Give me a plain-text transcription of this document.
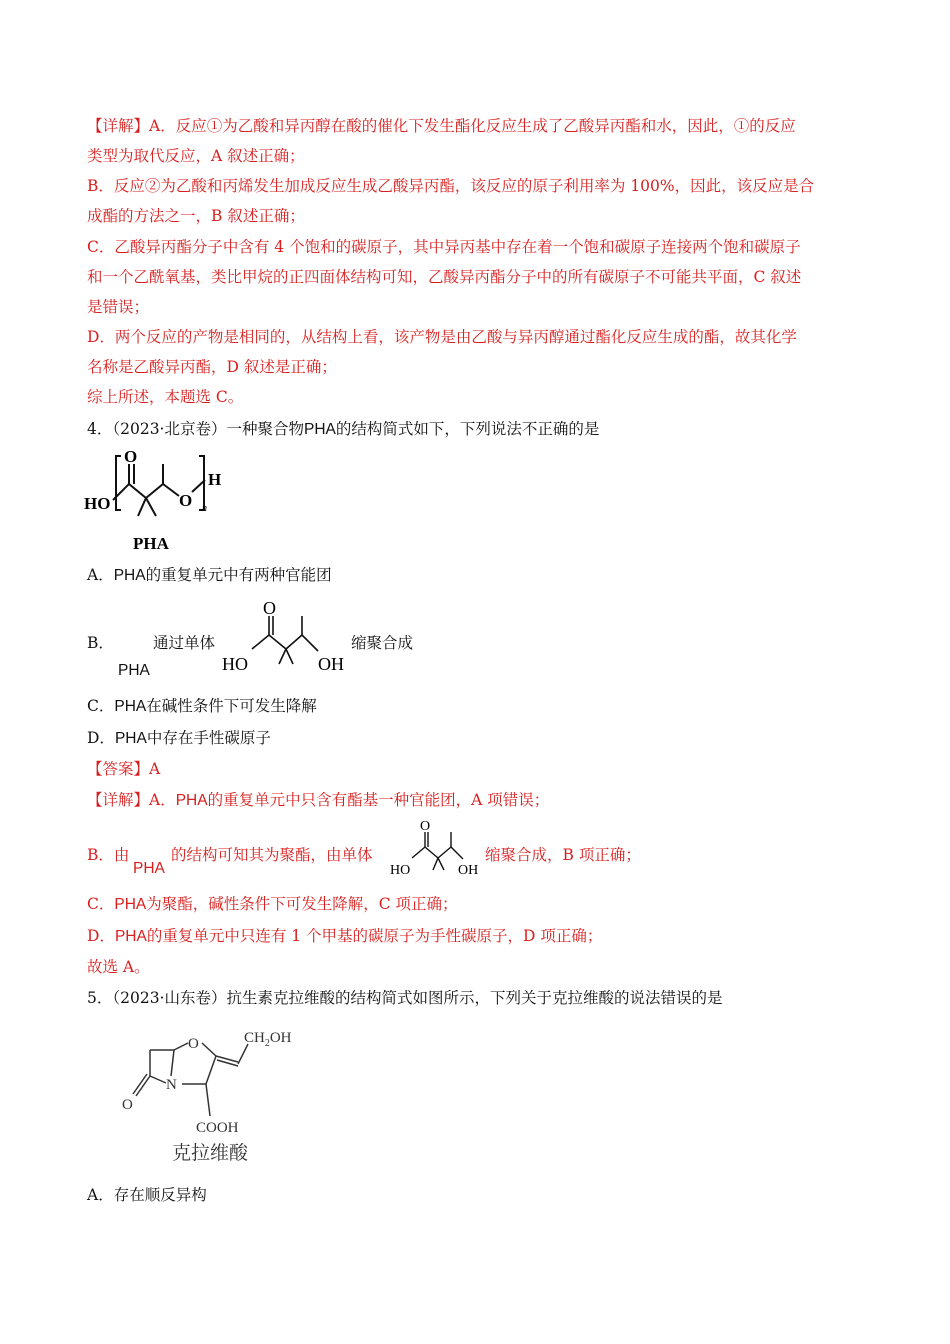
【详解】A．反应①为乙酸和异丙醇在酸的催化下发生酯化反应生成了乙酸异丙酯和水，因此，①的反应
类型为取代反应，A 叙述正确；
B．反应②为乙酸和丙烯发生加成反应生成乙酸异丙酯，该反应的原子利用率为 100%，因此，该反应是合
成酯的方法之一，B 叙述正确；
C．乙酸异丙酯分子中含有 4 个饱和的碳原子，其中异丙基中存在着一个饱和碳原子连接两个饱和碳原子
和一个乙酰氧基，类比甲烷的正四面体结构可知，乙酸异丙酯分子中的所有碳原子不可能共平面，C 叙述
是错误；
D．两个反应的产物是相同的，从结构上看，该产物是由乙酸与异丙醇通过酯化反应生成的酯，故其化学
名称是乙酸异丙酯，D 叙述是正确；
综上所述，本题选 C。
4．（2023·北京卷）一种聚合物PHA的结构简式如下，下列说法不正确的是
HO
O
O
H
n
PHA
A．PHA的重复单元中有两种官能团
B．
PHA
通过单体
O
HO	OH
缩聚合成
C．PHA在碱性条件下可发生降解
D．PHA中存在手性碳原子
【答案】A
【详解】A．PHA的重复单元中只含有酯基一种官能团，A 项错误；
B．由
PHA
的结构可知其为聚酯，由单体
O
HO	OH
缩聚合成，B 项正确；
C．PHA为聚酯，碱性条件下可发生降解，C 项正确；
D．PHA的重复单元中只连有 1 个甲基的碳原子为手性碳原子，D 项正确；
故选 A。
5．（2023·山东卷）抗生素克拉维酸的结构简式如图所示，下列关于克拉维酸的说法错误的是
O
N
O
$CH_2OH$
COOH
克拉维酸
A．存在顺反异构
